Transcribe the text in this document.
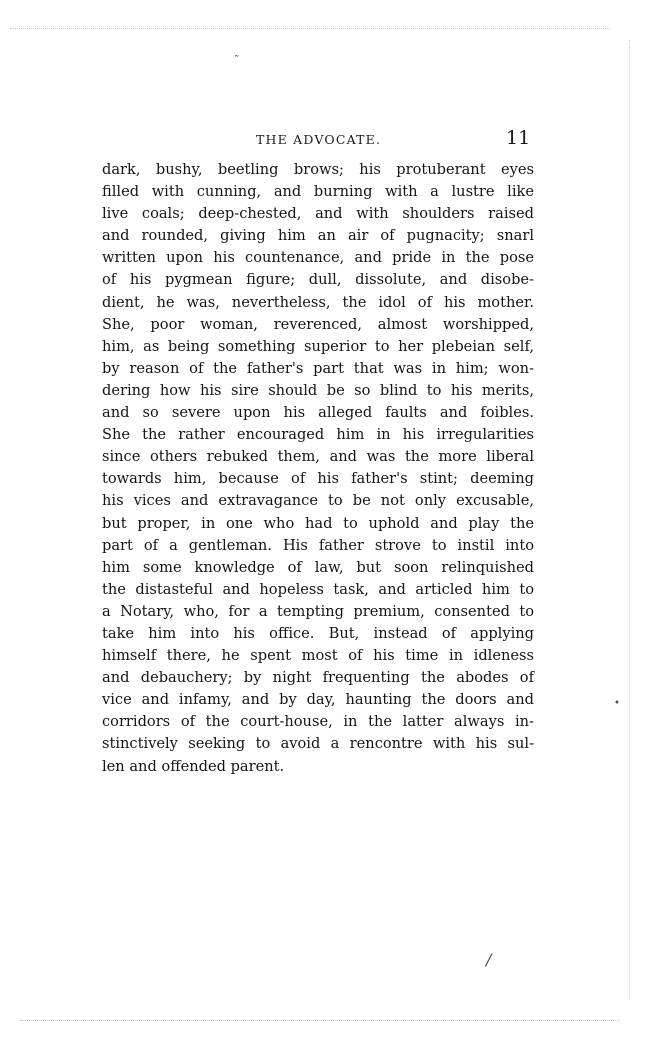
˜
•
/
THE ADVOCATE.	11
dark, bushy, beetling brows; his protuberant eyes
filled with cunning, and burning with a lustre like
live coals; deep-chested, and with shoulders raised
and rounded, giving him an air of pugnacity; snarl
written upon his countenance, and pride in the pose
of his pygmean figure; dull, dissolute, and disobe-
dient, he was, nevertheless, the idol of his mother.
She, poor woman, reverenced, almost worshipped,
him, as being something superior to her plebeian self,
by reason of the father's part that was in him; won-
dering how his sire should be so blind to his merits,
and so severe upon his alleged faults and foibles.
She the rather encouraged him in his irregularities
since others rebuked them, and was the more liberal
towards him, because of his father's stint; deeming
his vices and extravagance to be not only excusable,
but proper, in one who had to uphold and play the
part of a gentleman. His father strove to instil into
him some knowledge of law, but soon relinquished
the distasteful and hopeless task, and articled him to
a Notary, who, for a tempting premium, consented to
take him into his office. But, instead of applying
himself there, he spent most of his time in idleness
and debauchery; by night frequenting the abodes of
vice and infamy, and by day, haunting the doors and
corridors of the court-house, in the latter always in-
stinctively seeking to avoid a rencontre with his sul-
len and offended parent.
